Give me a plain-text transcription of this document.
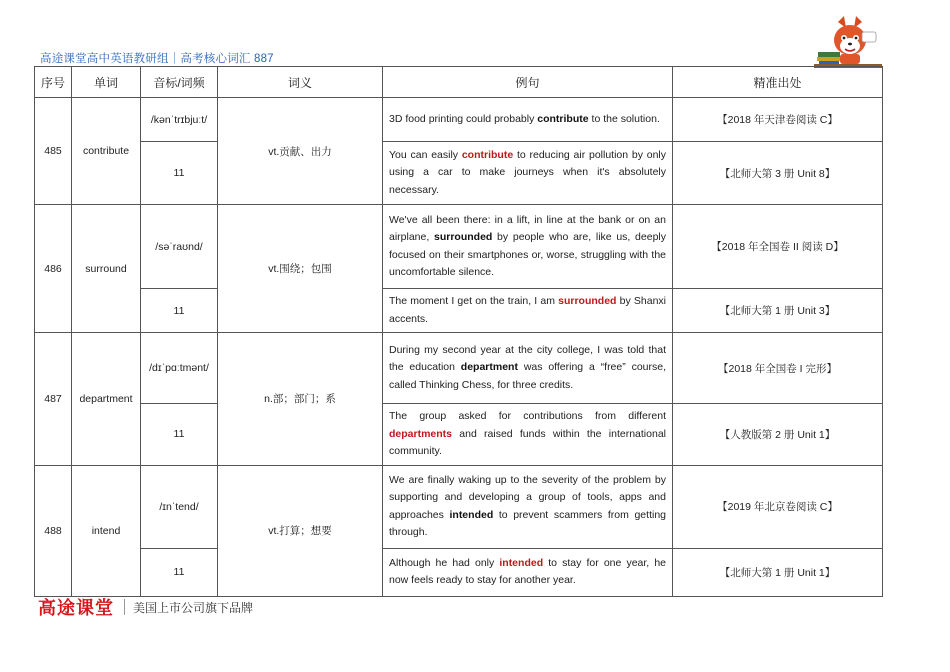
高途课堂高中英语教研组｜高考核心词汇 887
序号	单词	音标/词频	词义	例句	精准出处
485	contribute	/kənˈtrɪbjuːt/	vt.贡献、出力	3D food printing could probably contribute to the solution.	【2018 年天津卷阅读 C】
		11		You can easily contribute to reducing air pollution by only using a car to make journeys when it's absolutely necessary.	【北师大第 3 册 Unit 8】
486	surround	/səˈraʊnd/	vt.围绕；包围	We've all been there: in a lift, in line at the bank or on an airplane, surrounded by people who are, like us, deeply focused on their smartphones or, worse, struggling with the uncomfortable silence.	【2018 年全国卷 II 阅读 D】
		11		The moment I get on the train, I am surrounded by Shanxi accents.	【北师大第 1 册 Unit 3】
487	department	/dɪˈpɑːtmənt/	n.部；部门；系	During my second year at the city college, I was told that the education department was offering a “free” course, called Thinking Chess, for three credits.	【2018 年全国卷 I 完形】
		11		The group asked for contributions from different departments and raised funds within the international community.	【人教版第 2 册 Unit 1】
488	intend	/ɪnˈtend/	vt.打算；想要	We are finally waking up to the severity of the problem by supporting and developing a group of tools, apps and approaches intended to prevent scammers from getting through.	【2019 年北京卷阅读 C】
		11		Although he had only intended to stay for one year, he now feels ready to stay for another year.	【北师大第 1 册 Unit 1】
高途课堂 美国上市公司旗下品牌
